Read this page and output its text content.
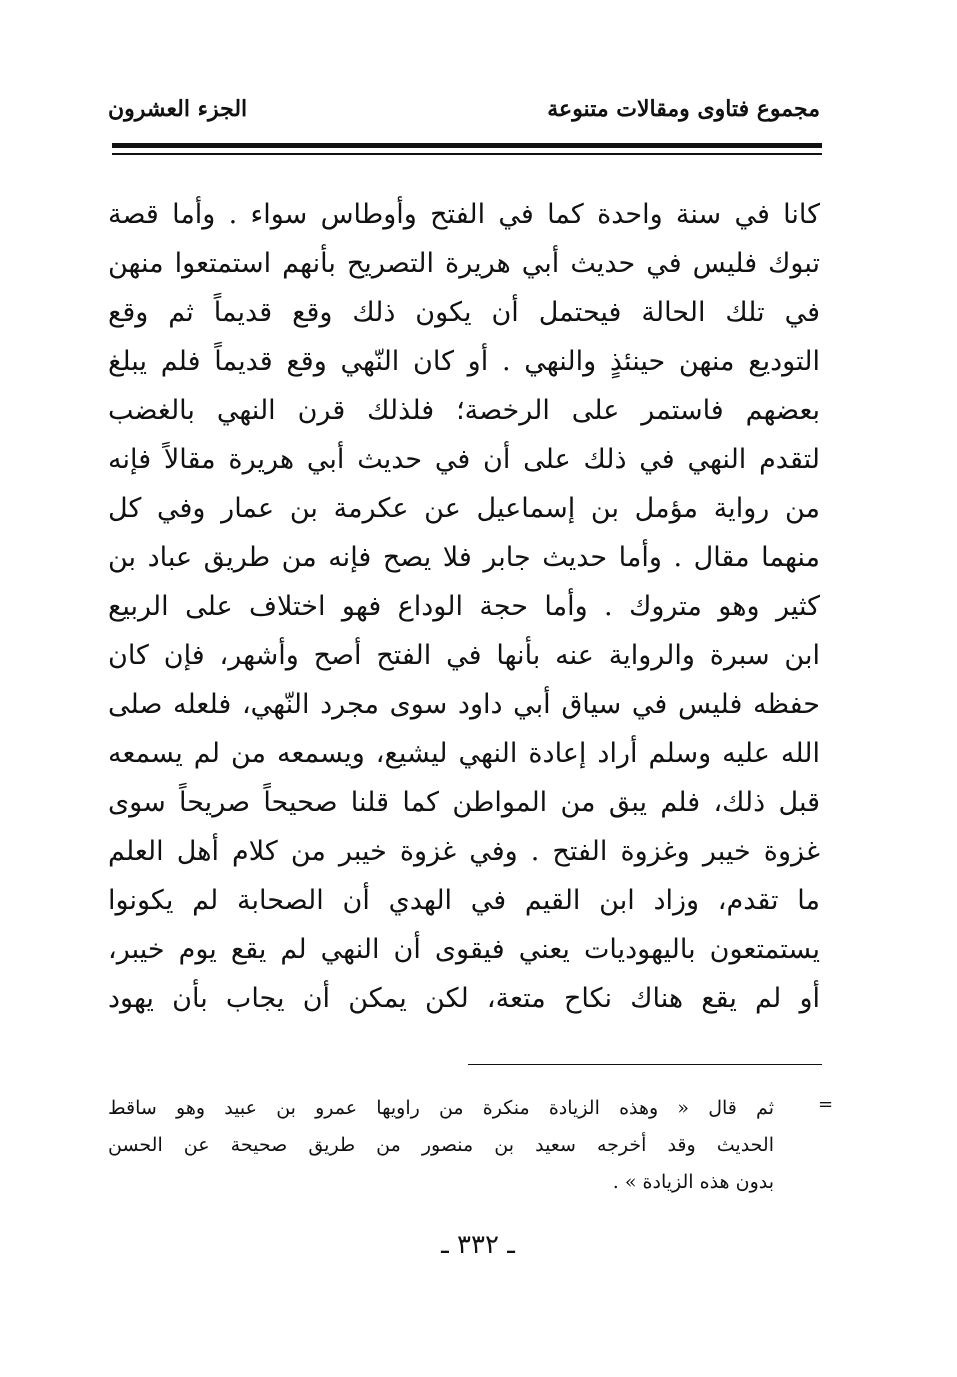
مجموع فتاوى ومقالات متنوعة
الجزء العشرون
كانا في سنة واحدة كما في الفتح وأوطاس سواء . وأما قصة
تبوك فليس في حديث أبي هريرة التصريح بأنهم استمتعوا منهن
في تلك الحالة فيحتمل أن يكون ذلك وقع قديماً ثم وقع
التوديع منهن حينئذٍ والنهي . أو كان النّهي وقع قديماً فلم يبلغ
بعضهم فاستمر على الرخصة؛ فلذلك قرن النهي بالغضب
لتقدم النهي في ذلك على أن في حديث أبي هريرة مقالاً فإنه
من رواية مؤمل بن إسماعيل عن عكرمة بن عمار وفي كل
منهما مقال . وأما حديث جابر فلا يصح فإنه من طريق عباد بن
كثير وهو متروك . وأما حجة الوداع فهو اختلاف على الربيع
ابن سبرة والرواية عنه بأنها في الفتح أصح وأشهر، فإن كان
حفظه فليس في سياق أبي داود سوى مجرد النّهي، فلعله صلى
الله عليه وسلم أراد إعادة النهي ليشيع، ويسمعه من لم يسمعه
قبل ذلك، فلم يبق من المواطن كما قلنا صحيحاً صريحاً سوى
غزوة خيبر وغزوة الفتح . وفي غزوة خيبر من كلام أهل العلم
ما تقدم، وزاد ابن القيم في الهدي أن الصحابة لم يكونوا
يستمتعون باليهوديات يعني فيقوى أن النهي لم يقع يوم خيبر،
أو لم يقع هناك نكاح متعة، لكن يمكن أن يجاب بأن يهود
=
ثم قال « وهذه الزيادة منكرة من راويها عمرو بن عبيد وهو ساقط
الحديث وقد أخرجه سعيد بن منصور من طريق صحيحة عن الحسن
بدون هذه الزيادة » .
ـ ٣٣٢ ـ
